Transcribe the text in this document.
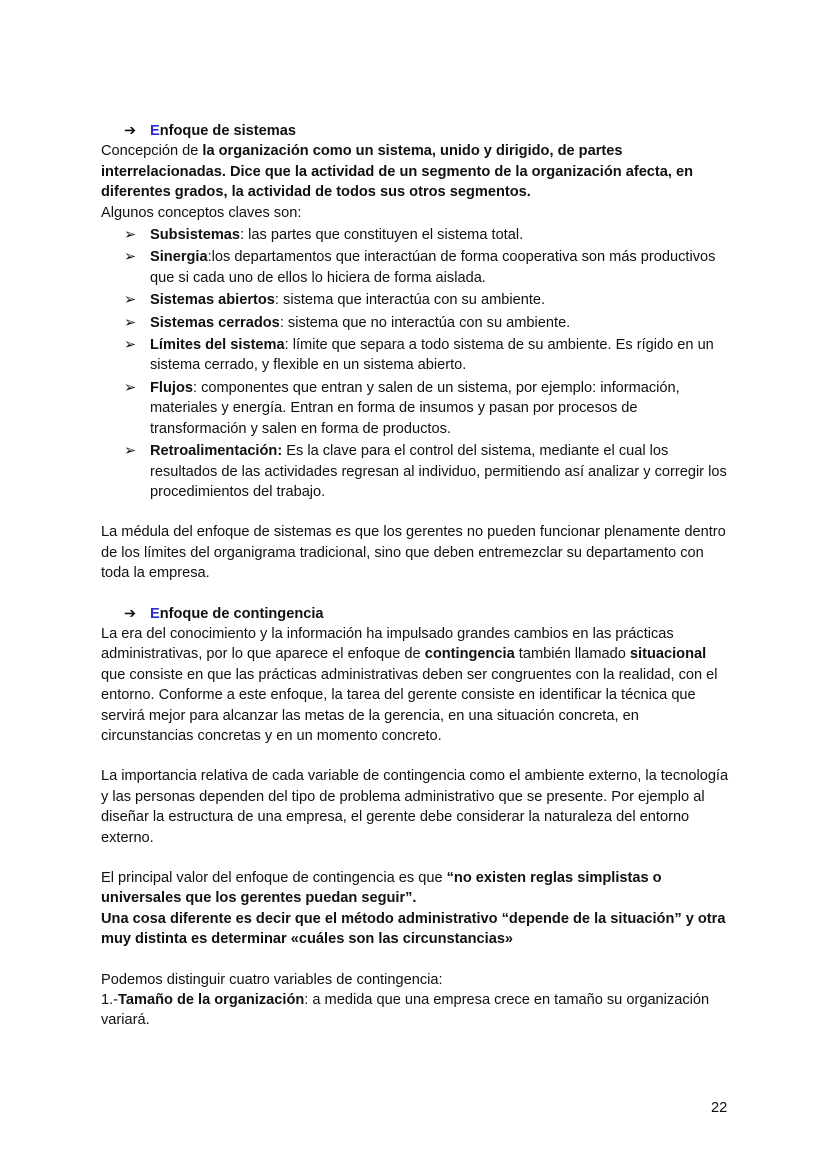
➔ Enfoque de sistemas

Concepción de la organización como un sistema, unido y dirigido, de partes interrelacionadas. Dice que la actividad de un segmento de la organización afecta, en diferentes grados, la actividad de todos sus otros segmentos.

Algunos conceptos claves son:

➢ Subsistemas: las partes que constituyen el sistema total.
➢ Sinergia:los departamentos que interactúan de forma cooperativa son más productivos que si cada uno de ellos lo hiciera de forma aislada.
➢ Sistemas abiertos: sistema que interactúa con su ambiente.
➢ Sistemas cerrados: sistema que no interactúa con su ambiente.
➢ Límites del sistema: límite que separa a todo sistema de su ambiente. Es rígido en un sistema cerrado, y flexible en un sistema abierto.
➢ Flujos: componentes que entran y salen de un sistema, por ejemplo: información, materiales y energía. Entran en forma de insumos y pasan por procesos de transformación y salen en forma de productos.
➢ Retroalimentación: Es la clave para el control del sistema, mediante el cual los resultados de las actividades regresan al individuo, permitiendo así analizar y corregir los procedimientos del trabajo.

La médula del enfoque de sistemas es que los gerentes no pueden funcionar plenamente dentro de los límites del organigrama tradicional, sino que deben entremezclar su departamento con toda la empresa.

➔ Enfoque de contingencia

La era del conocimiento y la información ha impulsado grandes cambios en las prácticas administrativas, por lo que aparece el enfoque de contingencia también llamado situacional que consiste en que las prácticas administrativas deben ser congruentes con la realidad, con el entorno. Conforme a este enfoque, la tarea del gerente consiste en identificar la técnica que servirá mejor para alcanzar las metas de la gerencia, en una situación concreta, en circunstancias concretas y en un momento concreto.

La importancia relativa de cada variable de contingencia como el ambiente externo, la tecnología y las personas dependen del tipo de problema administrativo que se presente. Por ejemplo al diseñar la estructura de una empresa, el gerente debe considerar la naturaleza del entorno externo.

El principal valor del enfoque de contingencia es que “no existen reglas simplistas o universales que los gerentes puedan seguir”.

Una cosa diferente es decir que el método administrativo “depende de la situación” y otra muy distinta es determinar «cuáles son las circunstancias»

Podemos distinguir cuatro variables de contingencia:

1.-Tamaño de la organización: a medida que una empresa crece en tamaño su organización variará.

22
